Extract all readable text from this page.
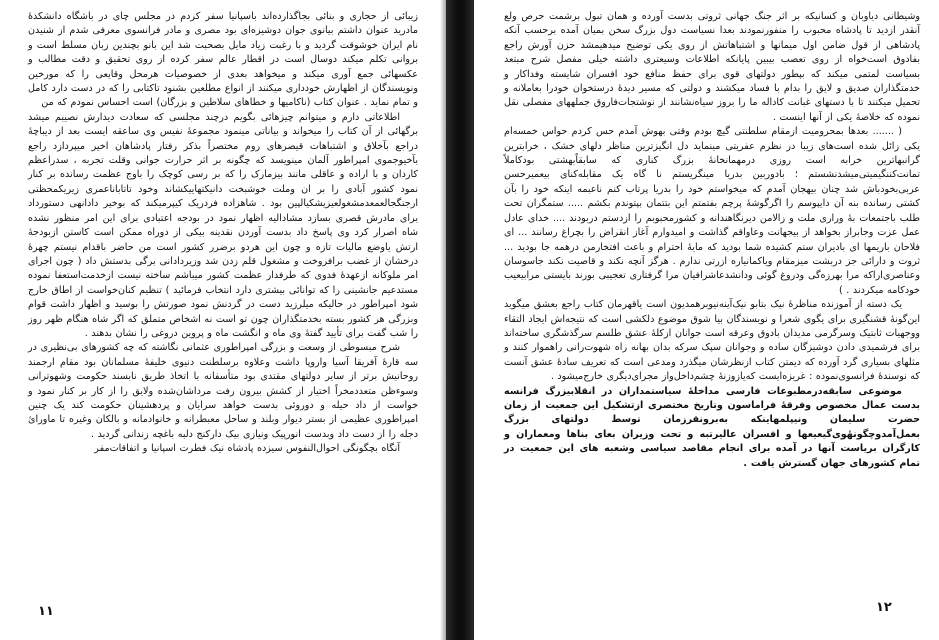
زیبائی از حجاری و بنائی بجاگذارده‌اند باسپانیا سفر کردم در مجلس چای در باشگاه دانشکدهٔ مادرید عنوان داشتم بیانوی جوان دوشیزه‌ای بود مصری و مادر فرانسوی معرفی شدم از شنیدن نام ایران خوشوقت گردید و با رغبت زیاد مایل بصحبت شد این بانو بچندین زبان مسلط است و بروانی تکلم میکند دوسال است در اقطار عالم سفر کرده از روی تحقیق و دقت مطالب و عکسهائی جمع آوری میکند و میخواهد بعدی از خصوصیات هرمحل وقایعی را که مورخین ونویسندگان از اظهارش خودداری میکنند از انواع مطلعین بشنود تاکتابی را که در دست دارد کامل و تمام نماید . عنوان کتاب (ناکامیها و خطاهای سلاطین و بزرگان) است احساس نمودم که من

اطلاعاتی دارم و میتوانم چیزهائی بگویم درچند مجلسی که سعادت دیدارش نصیبم میشد برگهائی از آن کتاب را میخواند و بیاناتی مینمود مجموعهٔ نفیس وی ساعقه ایست بعد از دیباچهٔ دراجع بآخلاق و اشتباهات قیصرهای روم مختصراً بذکر رفتار پادشاهان اخیر میپردازد راجع بآخیوجموی امپراطور آلمان مینویسد که چگونه بر اثر حرارت جوانی وقلت تجربه ، سدراعظم کاردان و با اراده و عاقلی مانند بیزمارک را که بر رسی کوچک را باوج عظمت رسانده بر کنار نمود کشور آبادی را بر ان وملت خوشبخت دانیکتهاییکشاند وخود تاتاباناعمری زیریکمحظتی ارجنگجالعمعدمشغولعیزیشکیالپین بود . شاهزاده فردریک کیپرمیکند که بوخیر دادانهی دستورداد برای مادرش قصری بسازد مشادالیه اظهار نمود در بودجه اعتبادی برای این امر منظور نشده شاه اصرار کرد وی پاسخ داد بدست آوردن نقدینه بیکی از دوراه ممکن است کاستن ازبودجهٔ ارتش یاوضع مالیات تازه و چون این هردو برضرر کشور است من حاضر باقدام نیستم چهرهٔ درخشان از غضب برافروخت و مشغول قلم زدن شد وزیردادانی برگی بدستش داد ( چون اجرای امر ملوکانه ازعهدهٔ فدوی که طرفدار عظمت کشور میباشم ساخته نیست ازخدمت‌استعفا نموده مستدعیم جانشینی را که توانائی بیشتری دارد انتخاب فرمائید ) تنظیم کنان‌خواست از اطاق خارج شود امپراطور در حالیکه میلرزید دست در گردنش نمود صورتش را بوسید و اظهار داشت قوام وبزرگی هر کشور بسته بخدمتگذاران چون تو است نه اشخاص متملق که اگر شاه هنگام ظهر روز را شب گفت برای تأیید گفتهٔ وی ماه و انگشت ماه و پروین دروغی را نشان بدهند .

شرح مبسوطی از وسعت و بزرگی امپراطوری عثمانی نگاشته که چه کشورهای بی‌نظیری در سه قارهٔ آفریقا آسیا واروپا داشت وعلاوه برسلطنت دنیوی خلیفهٔ مسلمانان بود مقام ارجمند روحانیش برتر از سایر دولتهای مقتدی بود متأسفانه با اتخاذ طریق نابسند حکومت وشهوترانی وسوءظن متعددمخراً اختیار از کشش بیرون رفت مرداشان‌شده ولایق را از کار بر کنار نمود و خواست از داد حیله و دوروئی بدست خواهد سرایان و پردهشینان حکومت کند یک چنین امپراطوری عظیمی از بستر دیوار وبلند و ساحل معبطرانه و خانوادمانه و بالکان وغیره تا ماورائ دجله را از دست داد وبدست انورپیک ونیازی بیک دارکنج دلبه باغچه زندانی گردید .

آنگاه بچگونگی احوال‌النفوس سیزده پادشاه نیک فطرت اسپانیا و اتفاقات‌مفر

۱۱

وشیطانی دیاوبان و کسانیکه بر اثر جنگ جهانی ثروتی بدست آورده و همان تبول برشمت حرص ولع آنقدر ازدید تا پادشاه محبوب را منفورنمودند بعدا نسیاست دول بزرگ سخن بمیان آمده برحسب آنکه پادشاهی از قول ضامن اول میمانها و اشتباهاتش از روی یکی توضیح میدهیمشد حزن آورش راجع بفادوق است‌خواه از روی تعصب بیبین پایانکه اطلاعات وسیعتری داشته خیلی مفصل شرح مبتعد بسیاست لمتمی میکند که بپطور دولتهای قوی برای حفظ منافع خود افسران شایسته وفداکار و خدمتگذاران صدیق و لایق را بدام با فساد میکشند و دولتی که مسیر دیدهٔ درستخوان خودرا بعاملانه و تحمیل میکنند تا با دستهای غبانت کاداله ما را بروز سیاه‌نشانند از نوشتجات‌فاروق جملههای مفصلی نقل نموده که خلاصهٔ یکی از آنها اینست .

( ....... بعدها بمحرومیت ازمقام سلطنتی گیچ بودم وقتی بهوش آمدم حس کردم حواس خمسه‌ام یکی زائل شده است‌های زیبا در نظرم عفریتی مینماید دل انگیزترین مناظر دلهای خشک ، خرابترین گرانبهاترین خرابه است روزی درمهمانخانهٔ بزرگ کناری که سابقاًبهشتی بودکاملاً تمانت‌کننگیمیتی‌میشدنشستم ؛ بادوربین بدریا مینگریستم نا گاه یک مقابله‌کنای بیعمیرحسن عربی‌بخودباش شد چنان بیهجان آمدم که میخواستم خود را بدریا پرتاب کنم ناعبمه اینکه خود را بآن کشتی رسانده بنه آن دایپوسم را اگرگوشهٔ پرچم بفتمتم این بتتمان بپتوندم بکشم ..... ستمگران‌ تحت طلب باجتمعات بهٔ وراری ملت و زالامن دیرنگاهندانه و کشورمحبوبم را ازدستم دربودند .... خدای عادل عمل عزت وجابراز بخواهد از بیجهانت وعاواقم گذاشت و امیدوارم آغاز انقراض را بچراغ رسانند ... ای فلاحان باریمها ای بادیران ستم کشیده شما بودید که مایهٔ احترام و باعث افتخارمن درهمه جا بودید ... ثروت و دارائی جز دربشت میزمقام ویاکمانیاره ازرتی ندارم . هرگز آنچه نکند و قاصیت نکند جاسوسان وعناصری‌اراکه مرا بهرزه‌گی ودروغ گوئی ودانشدعاشرافیان مرا گرفتاری تعجیبی بورند بایستی مرابیعیب خودکامه میکردند . )

یک دسته‌ از آموزنده مناظرهٔ نیک بتابو نیک‌آینه‌نیوبرهمدیون است یاقهرمان کتاب راجع بعشق میگوید این‌گونهٔ قشنگیری برای یگوی شعرا و نویسندگان بیا شوق موضوع دلکشی است که نتیجه‌اش ایجاد التقاء ووجهیات ثابتیک وسرگرمی مدیدان بادوق وعرقه است جوانان ازکلهٔ عشق طلسم سرگذشگری ساخته‌اند برای فرشمیدی دادن دوشیزگان ساده و وجوانان سپک سرکه بدان بهانه راه شهوت‌رانی راهموار کنند و مثلهای بسیاری گرد آورده که دیمتن کتاب ازنظرشان میگذرد ومدعی است که تعریف سادهٔ عشق آنست که نوسندهٔ فرانسوی‌نموده : غریزه‌ایست که‌یازوزنهٔ چشم‌داخل‌واز‌ مجرای‌دیگری خارج‌میشود .

موضوعی سابقه‌درمطبوعات فارسی مداخلهٔ سیاستمداران در انقلابیزرگ فرانسه بدست عمال مخصوص وفرقهٔ فراماسون وتاریخ مختصری ازتشکیل این جمعیت از زمان حضرت سلیمان ونیپلمهاینکه به‌برونقرزمان توسط دولتهای بزرگ بعمل‌آمدوچگونهٔوی‌گیعیعها و افسران عالیرتبه و تحت وزیران بعای بناها ومعماران و کارگران بریاست آنها در آمده برای انجام مقاصد سیاسی وشعبه های این جمعیت در تمام کشورهای جهان گسترش یافت .

۱۲
